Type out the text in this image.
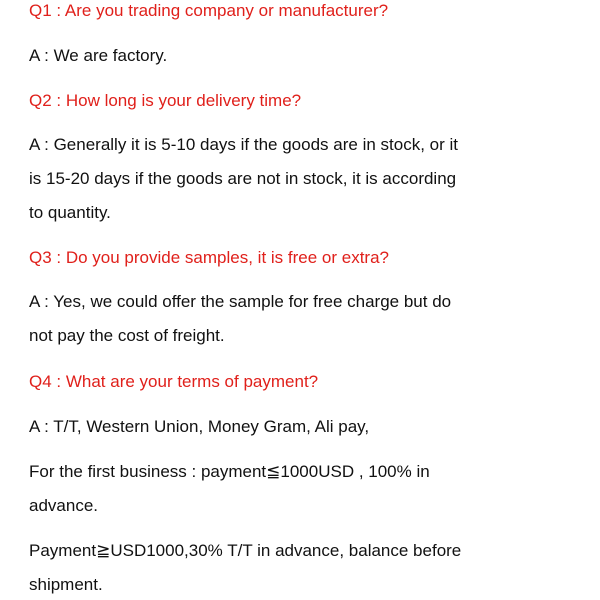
Q1 : Are you trading company or manufacturer?
A : We are factory.
Q2 : How long is your delivery time?
A : Generally it is 5-10 days if the goods are in stock, or it
is 15-20 days if the goods are not in stock, it is according
to quantity.
Q3 : Do you provide samples, it is free or extra?
A : Yes, we could offer the sample for free charge but do
not pay the cost of freight.
Q4 : What are your terms of payment?
A : T/T, Western Union, Money Gram, Ali pay,
For the first business : payment≦1000USD , 100% in
advance.
Payment≧USD1000,30% T/T in advance, balance before
shipment.
